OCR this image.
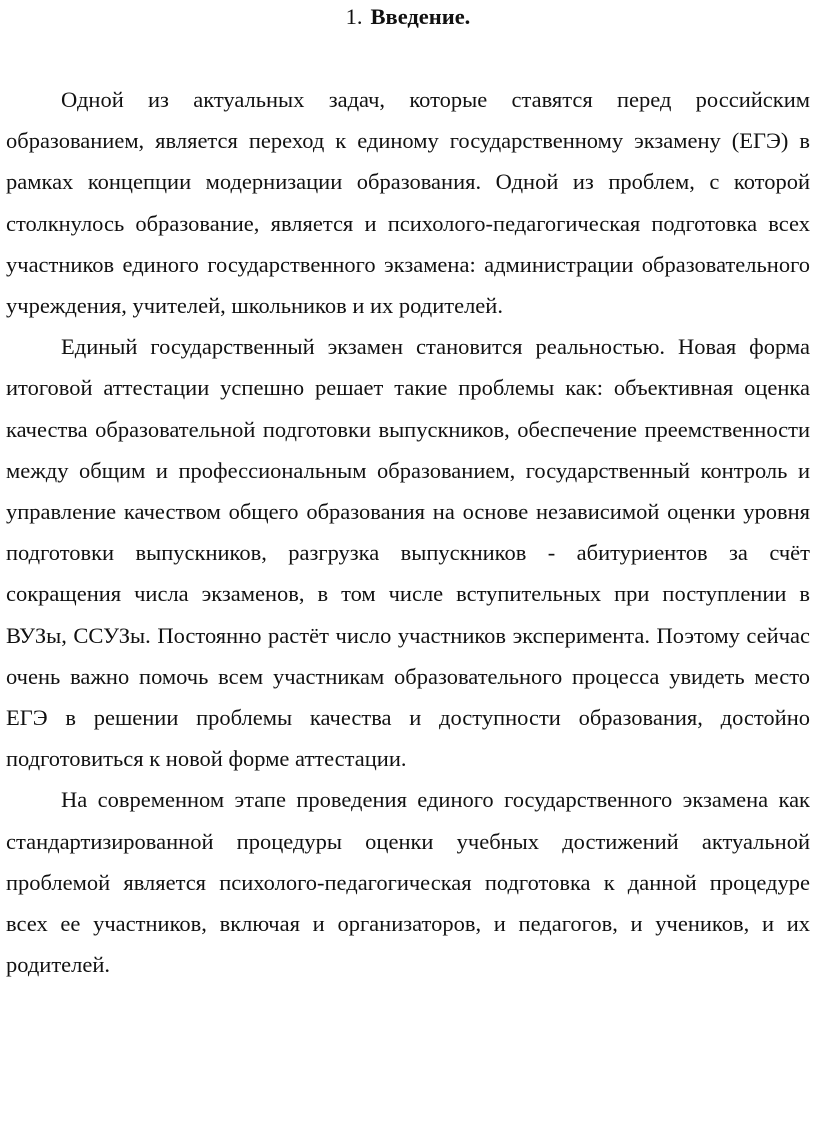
1. Введение.

Одной из актуальных задач, которые ставятся перед российским образованием, является переход к единому государственному экзамену (ЕГЭ) в рамках концепции модернизации образования. Одной из проблем, с которой столкнулось образование, является и психолого-педагогическая подготовка всех участников единого государственного экзамена: администрации образовательного учреждения, учителей, школьников и их родителей.

Единый государственный экзамен становится реальностью. Новая форма итоговой аттестации успешно решает такие проблемы как: объективная оценка качества образовательной подготовки выпускников, обеспечение преемственности между общим и профессиональным образованием, государственный контроль и управление качеством общего образования на основе независимой оценки уровня подготовки выпускников, разгрузка выпускников - абитуриентов за счёт сокращения числа экзаменов, в том числе вступительных при поступлении в ВУЗы, ССУЗы. Постоянно растёт число участников эксперимента. Поэтому сейчас очень важно помочь всем участникам образовательного процесса увидеть место ЕГЭ в решении проблемы качества и доступности образования, достойно подготовиться к новой форме аттестации.

На современном этапе проведения единого государственного экзамена как стандартизированной процедуры оценки учебных достижений актуальной проблемой является психолого-педагогическая подготовка к данной процедуре всех ее участников, включая и организаторов, и педагогов, и учеников, и их родителей.
